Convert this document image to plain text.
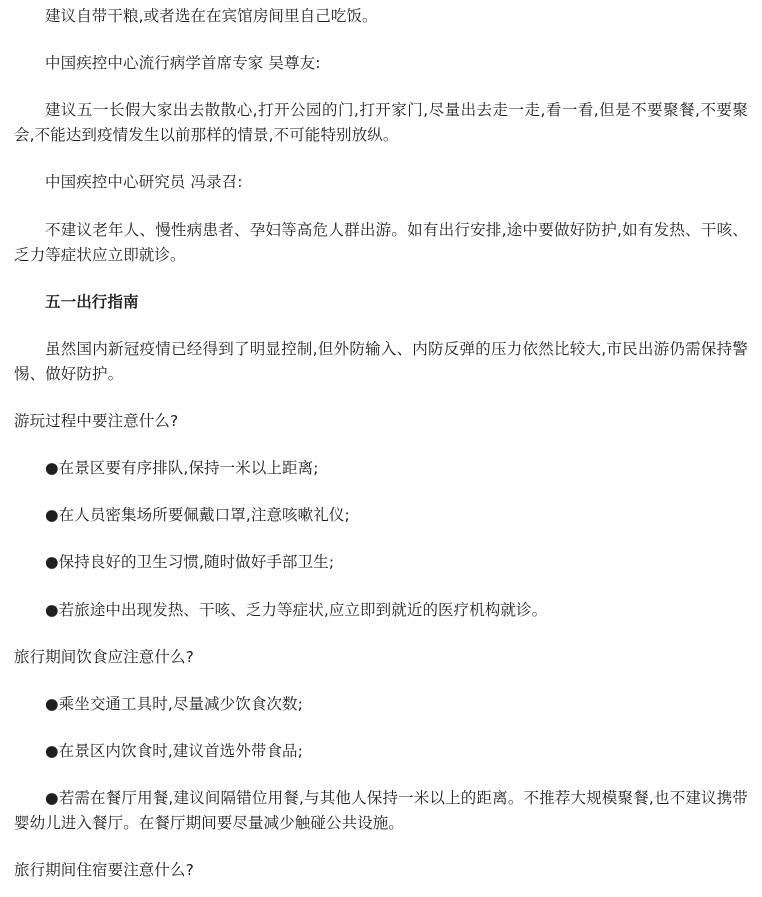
建议自带干粮,或者选在在宾馆房间里自己吃饭。

中国疾控中心流行病学首席专家 吴尊友:

建议五一长假大家出去散散心,打开公园的门,打开家门,尽量出去走一走,看一看,但是不要聚餐,不要聚会,不能达到疫情发生以前那样的情景,不可能特别放纵。

中国疾控中心研究员 冯录召:

不建议老年人、慢性病患者、孕妇等高危人群出游。如有出行安排,途中要做好防护,如有发热、干咳、乏力等症状应立即就诊。

五一出行指南

虽然国内新冠疫情已经得到了明显控制,但外防输入、内防反弹的压力依然比较大,市民出游仍需保持警惕、做好防护。

游玩过程中要注意什么?

●在景区要有序排队,保持一米以上距离;

●在人员密集场所要佩戴口罩,注意咳嗽礼仪;

●保持良好的卫生习惯,随时做好手部卫生;

●若旅途中出现发热、干咳、乏力等症状,应立即到就近的医疗机构就诊。

旅行期间饮食应注意什么?

●乘坐交通工具时,尽量减少饮食次数;

●在景区内饮食时,建议首选外带食品;

●若需在餐厅用餐,建议间隔错位用餐,与其他人保持一米以上的距离。不推荐大规模聚餐,也不建议携带婴幼儿进入餐厅。在餐厅期间要尽量减少触碰公共设施。

旅行期间住宿要注意什么?
